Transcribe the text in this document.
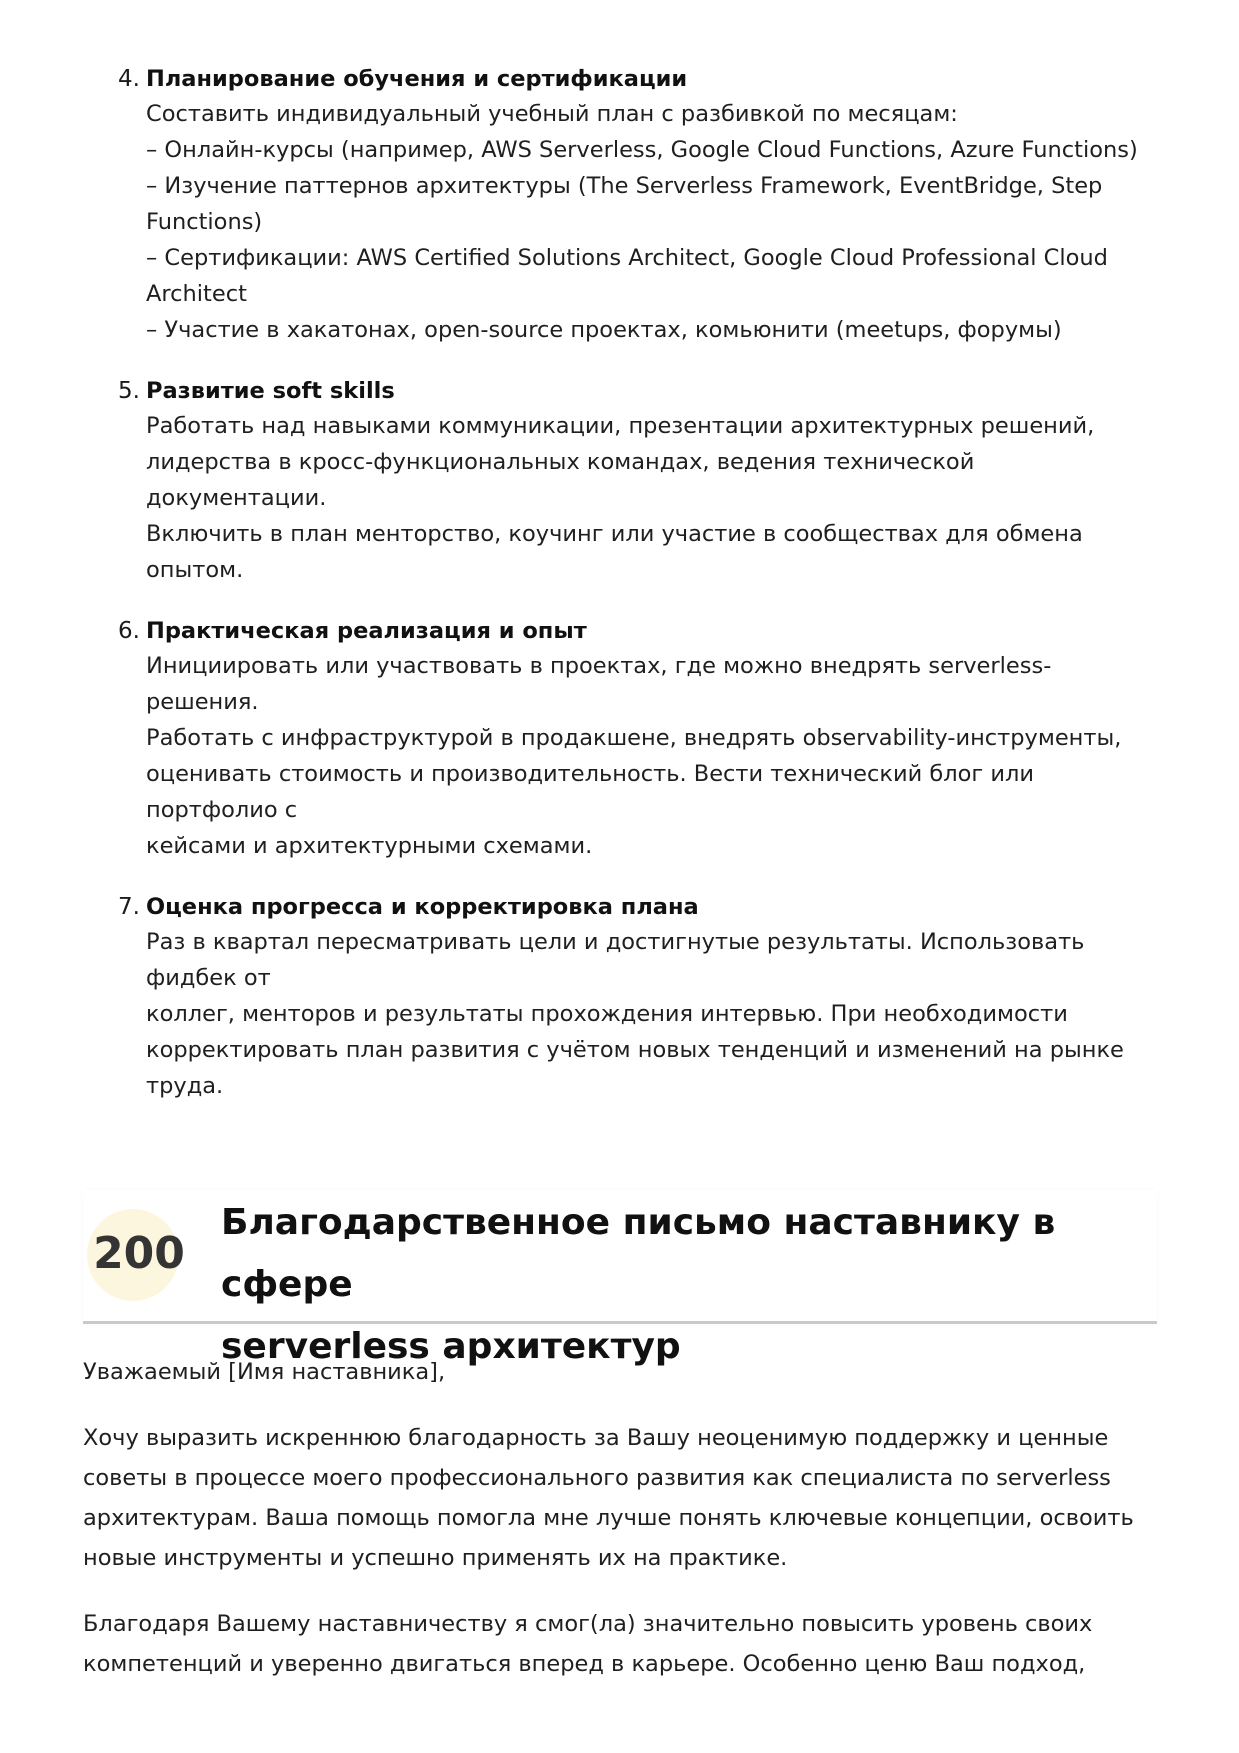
4. Планирование обучения и сертификации
Составить индивидуальный учебный план с разбивкой по месяцам:
– Онлайн-курсы (например, AWS Serverless, Google Cloud Functions, Azure Functions)
– Изучение паттернов архитектуры (The Serverless Framework, EventBridge, Step
Functions)
– Сертификации: AWS Certified Solutions Architect, Google Cloud Professional Cloud
Architect
– Участие в хакатонах, open-source проектах, комьюнити (meetups, форумы)
5. Развитие soft skills
Работать над навыками коммуникации, презентации архитектурных решений,
лидерства в кросс-функциональных командах, ведения технической документации.
Включить в план менторство, коучинг или участие в сообществах для обмена опытом.
6. Практическая реализация и опыт
Инициировать или участвовать в проектах, где можно внедрять serverless-решения.
Работать с инфраструктурой в продакшене, внедрять observability-инструменты,
оценивать стоимость и производительность. Вести технический блог или портфолио с
кейсами и архитектурными схемами.
7. Оценка прогресса и корректировка плана
Раз в квартал пересматривать цели и достигнутые результаты. Использовать фидбек от
коллег, менторов и результаты прохождения интервью. При необходимости
корректировать план развития с учётом новых тенденций и изменений на рынке
труда.
200
Благодарственное письмо наставнику в сфере
serverless архитектур

Уважаемый [Имя наставника],

Хочу выразить искреннюю благодарность за Вашу неоценимую поддержку и ценные
советы в процессе моего профессионального развития как специалиста по serverless
архитектурам. Ваша помощь помогла мне лучше понять ключевые концепции, освоить
новые инструменты и успешно применять их на практике.

Благодаря Вашему наставничеству я смог(ла) значительно повысить уровень своих
компетенций и уверенно двигаться вперед в карьере. Особенно ценю Ваш подход,
